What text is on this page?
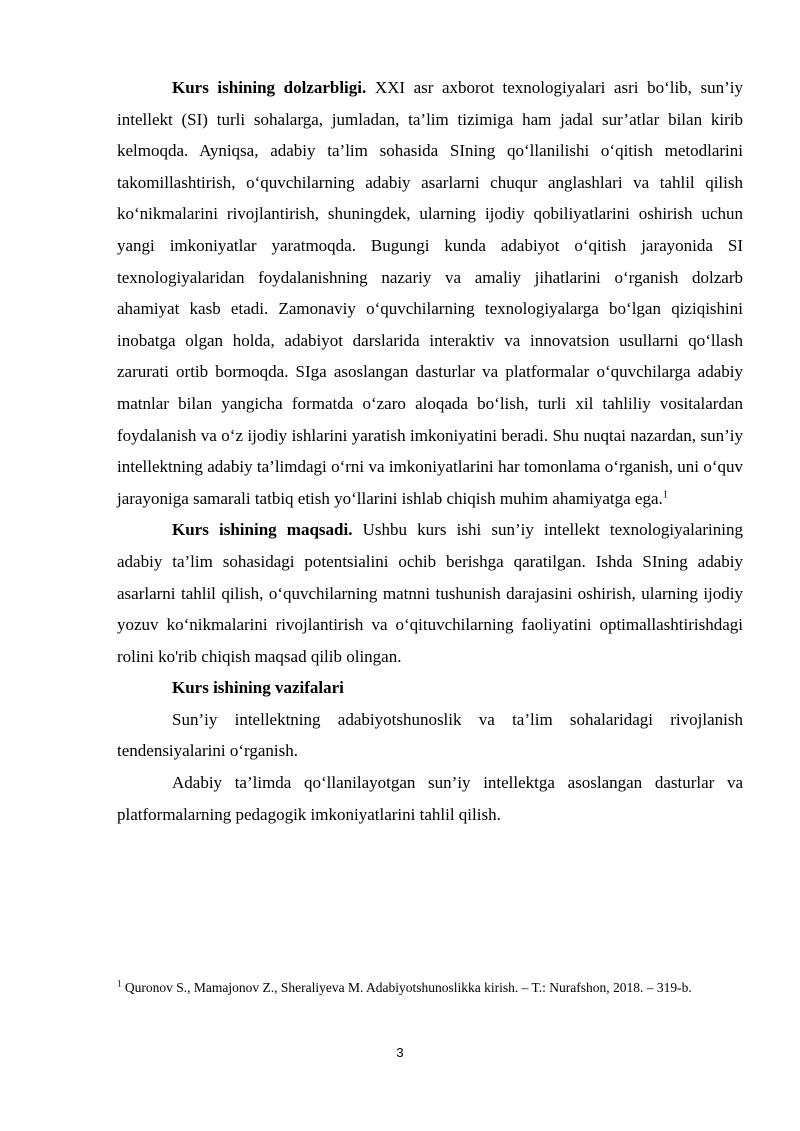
Kurs ishining dolzarbligi. XXI asr axborot texnologiyalari asri bo‘lib, sun’iy intellekt (SI) turli sohalarga, jumladan, ta’lim tizimiga ham jadal sur’atlar bilan kirib kelmoqda. Ayniqsa, adabiy ta’lim sohasida SIning qo‘llanilishi o‘qitish metodlarini takomillashtirish, o‘quvchilarning adabiy asarlarni chuqur anglashlari va tahlil qilish ko‘nikmalarini rivojlantirish, shuningdek, ularning ijodiy qobiliyatlarini oshirish uchun yangi imkoniyatlar yaratmoqda. Bugungi kunda adabiyot o‘qitish jarayonida SI texnologiyalaridan foydalanishning nazariy va amaliy jihatlarini o‘rganish dolzarb ahamiyat kasb etadi. Zamonaviy o‘quvchilarning texnologiyalarga bo‘lgan qiziqishini inobatga olgan holda, adabiyot darslarida interaktiv va innovatsion usullarni qo‘llash zarurati ortib bormoqda. SIga asoslangan dasturlar va platformalar o‘quvchilarga adabiy matnlar bilan yangicha formatda o‘zaro aloqada bo‘lish, turli xil tahliliy vositalardan foydalanish va o‘z ijodiy ishlarini yaratish imkoniyatini beradi. Shu nuqtai nazardan, sun’iy intellektning adabiy ta’limdagi o‘rni va imkoniyatlarini har tomonlama o‘rganish, uni o‘quv jarayoniga samarali tatbiq etish yo‘llarini ishlab chiqish muhim ahamiyatga ega.$^1$

Kurs ishining maqsadi. Ushbu kurs ishi sun’iy intellekt texnologiyalarining adabiy ta’lim sohasidagi potentsialini ochib berishga qaratilgan. Ishda SIning adabiy asarlarni tahlil qilish, o‘quvchilarning matnni tushunish darajasini oshirish, ularning ijodiy yozuv ko‘nikmalarini rivojlantirish va o‘qituvchilarning faoliyatini optimallashtirishdagi rolini ko'rib chiqish maqsad qilib olingan.

Kurs ishining vazifalari

Sun’iy intellektning adabiyotshunoslik va ta’lim sohalaridagi rivojlanish tendensiyalarini o‘rganish.

Adabiy ta’limda qo‘llanilayotgan sun’iy intellektga asoslangan dasturlar va platformalarning pedagogik imkoniyatlarini tahlil qilish.

$^1$ Quronov S., Mamajonov Z., Sheraliyeva M. Adabiyotshunoslikka kirish. – T.: Nurafshon, 2018. – 319-b.

3
